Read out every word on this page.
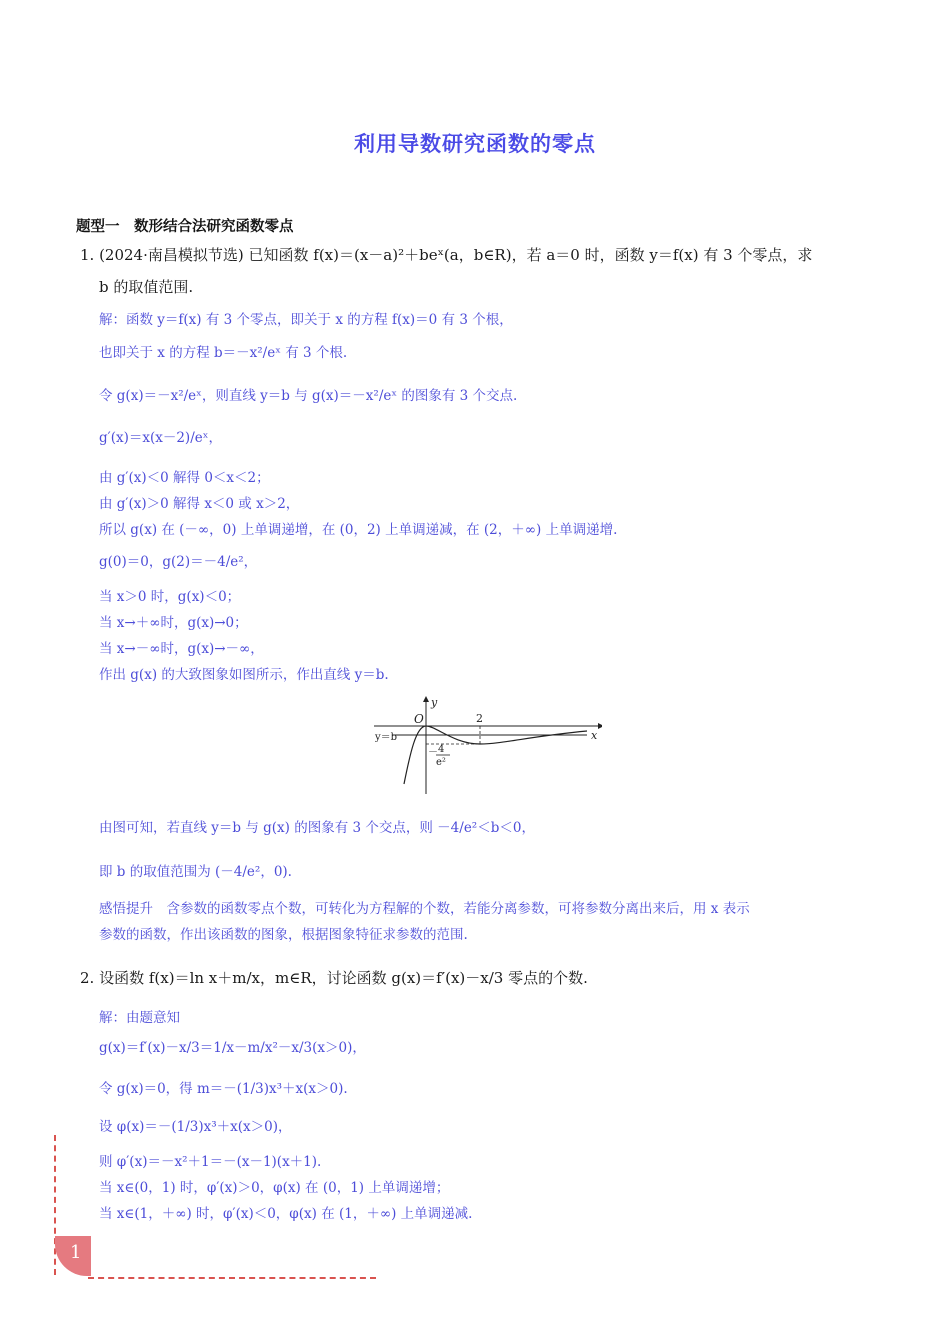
利用导数研究函数的零点
题型一　数形结合法研究函数零点
1. (2024·南昌模拟节选) 已知函数 f(x)＝(x－a)²＋beˣ(a，b∈R)，若 a＝0 时，函数 y＝f(x) 有 3 个零点，求
b 的取值范围.
解：函数 y＝f(x) 有 3 个零点，即关于 x 的方程 f(x)＝0 有 3 个根，
也即关于 x 的方程 b＝－x²/eˣ 有 3 个根.
令 g(x)＝－x²/eˣ，则直线 y＝b 与 g(x)＝－x²/eˣ 的图象有 3 个交点.
g′(x)＝x(x－2)/eˣ，
由 g′(x)＜0 解得 0＜x＜2；
由 g′(x)＞0 解得 x＜0 或 x＞2，
所以 g(x) 在 (－∞，0) 上单调递增，在 (0，2) 上单调递减，在 (2，＋∞) 上单调递增.
g(0)＝0，g(2)＝－4/e²，
当 x＞0 时，g(x)＜0；
当 x→＋∞时，g(x)→0；
当 x→－∞时，g(x)→－∞，
作出 g(x) 的大致图象如图所示，作出直线 y＝b.
O
y
x
2
y＝b
－ 4
e²
由图可知，若直线 y＝b 与 g(x) 的图象有 3 个交点，则 －4/e²＜b＜0，
即 b 的取值范围为 (－4/e²，0).
感悟提升　含参数的函数零点个数，可转化为方程解的个数，若能分离参数，可将参数分离出来后，用 x 表示
参数的函数，作出该函数的图象，根据图象特征求参数的范围.
2. 设函数 f(x)＝ln x＋m/x，m∈R，讨论函数 g(x)＝f′(x)－x/3 零点的个数.
解：由题意知
g(x)＝f′(x)－x/3＝1/x－m/x²－x/3(x＞0)，
令 g(x)＝0，得 m＝－(1/3)x³＋x(x＞0).
设 φ(x)＝－(1/3)x³＋x(x＞0)，
则 φ′(x)＝－x²＋1＝－(x－1)(x＋1).
当 x∈(0，1) 时，φ′(x)＞0，φ(x) 在 (0，1) 上单调递增；
当 x∈(1，＋∞) 时，φ′(x)＜0，φ(x) 在 (1，＋∞) 上单调递减.
1
